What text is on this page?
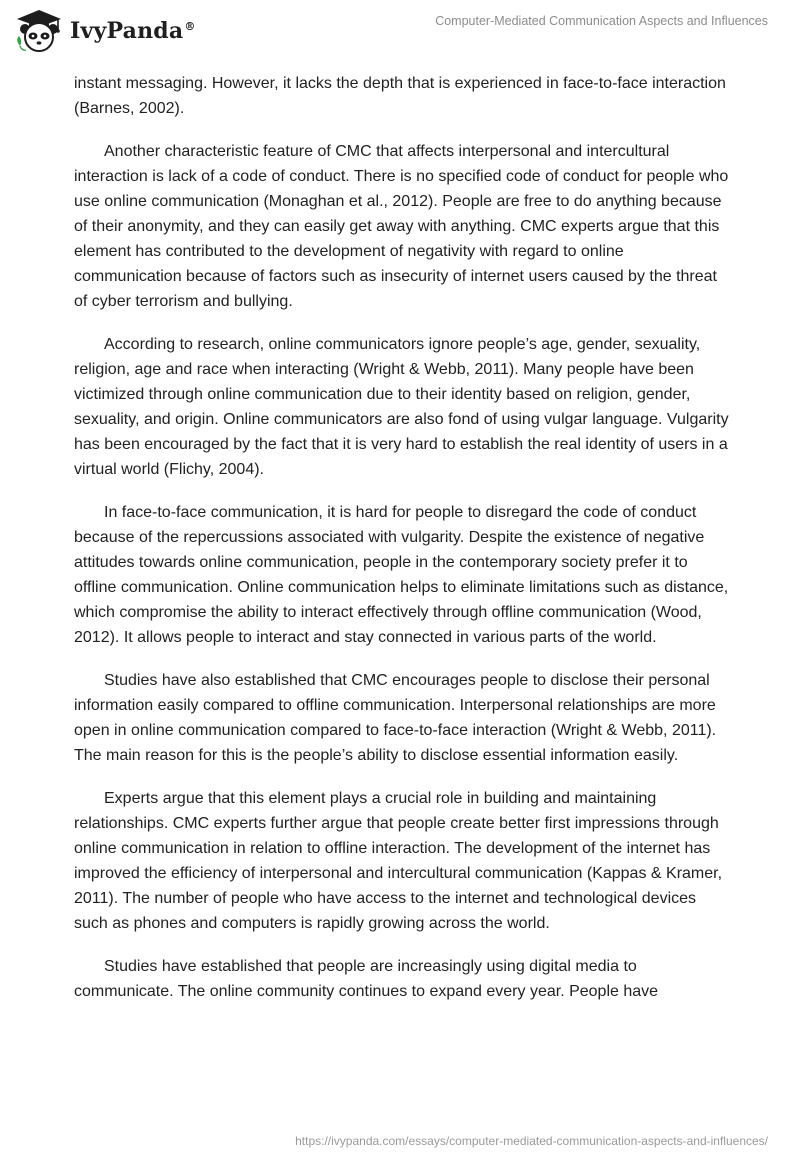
IvyPanda®	Computer-Mediated Communication Aspects and Influences

instant messaging. However, it lacks the depth that is experienced in face-to-face interaction (Barnes, 2002).

Another characteristic feature of CMC that affects interpersonal and intercultural interaction is lack of a code of conduct. There is no specified code of conduct for people who use online communication (Monaghan et al., 2012). People are free to do anything because of their anonymity, and they can easily get away with anything. CMC experts argue that this element has contributed to the development of negativity with regard to online communication because of factors such as insecurity of internet users caused by the threat of cyber terrorism and bullying.

According to research, online communicators ignore people’s age, gender, sexuality, religion, age and race when interacting (Wright & Webb, 2011). Many people have been victimized through online communication due to their identity based on religion, gender, sexuality, and origin. Online communicators are also fond of using vulgar language. Vulgarity has been encouraged by the fact that it is very hard to establish the real identity of users in a virtual world (Flichy, 2004).

In face-to-face communication, it is hard for people to disregard the code of conduct because of the repercussions associated with vulgarity. Despite the existence of negative attitudes towards online communication, people in the contemporary society prefer it to offline communication. Online communication helps to eliminate limitations such as distance, which compromise the ability to interact effectively through offline communication (Wood, 2012). It allows people to interact and stay connected in various parts of the world.

Studies have also established that CMC encourages people to disclose their personal information easily compared to offline communication. Interpersonal relationships are more open in online communication compared to face-to-face interaction (Wright & Webb, 2011). The main reason for this is the people’s ability to disclose essential information easily.

Experts argue that this element plays a crucial role in building and maintaining relationships. CMC experts further argue that people create better first impressions through online communication in relation to offline interaction. The development of the internet has improved the efficiency of interpersonal and intercultural communication (Kappas & Kramer, 2011). The number of people who have access to the internet and technological devices such as phones and computers is rapidly growing across the world.

Studies have established that people are increasingly using digital media to communicate. The online community continues to expand every year. People have

https://ivypanda.com/essays/computer-mediated-communication-aspects-and-influences/
